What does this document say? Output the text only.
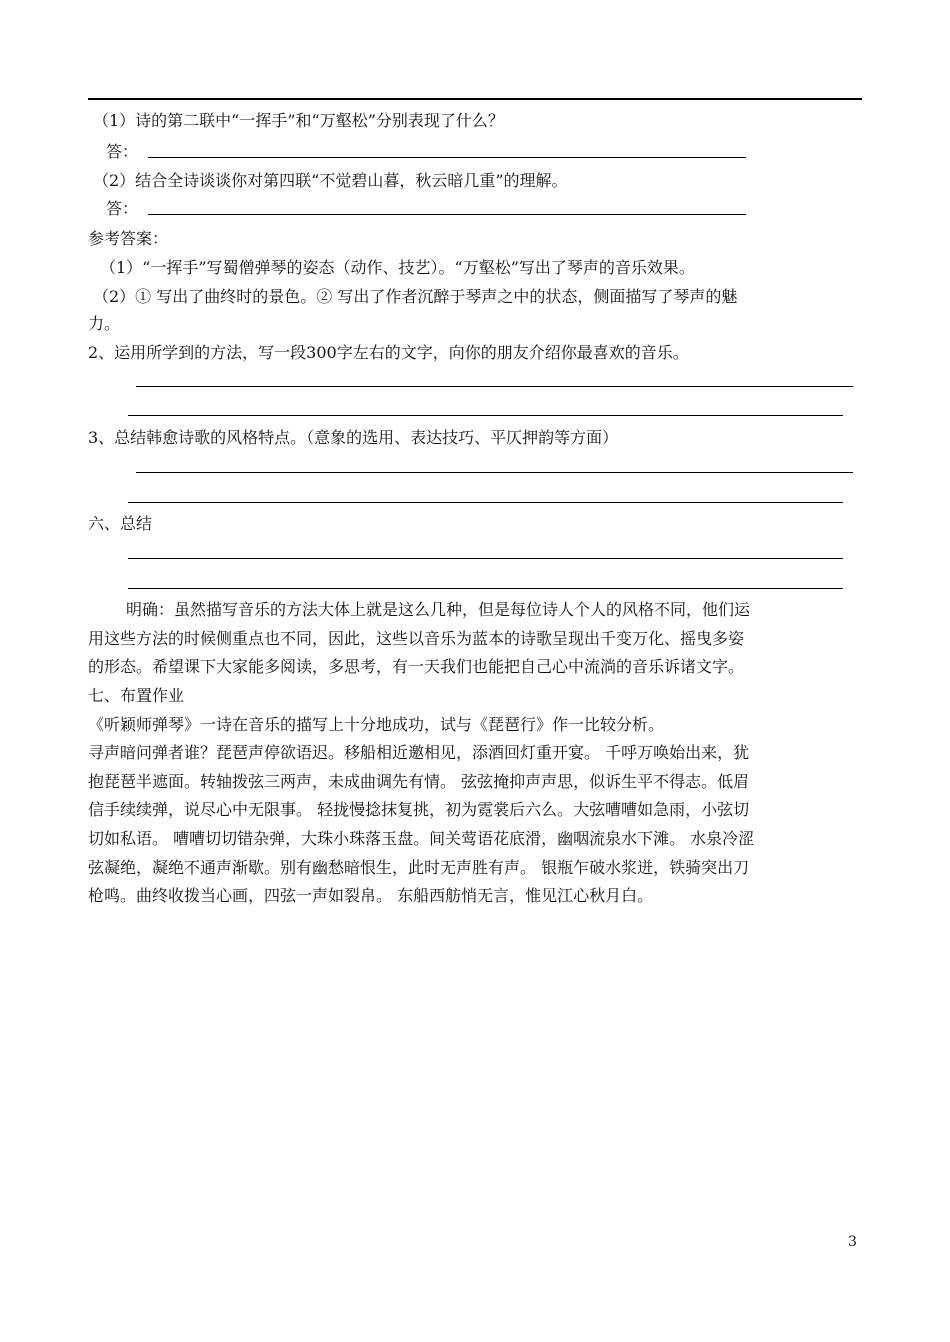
（1）诗的第二联中“一挥手”和“万壑松”分别表现了什么？
答：
（2）结合全诗谈谈你对第四联“不觉碧山暮，秋云暗几重”的理解。
答：
参考答案：
（1）“一挥手”写蜀僧弹琴的姿态（动作、技艺）。“万壑松”写出了琴声的音乐效果。
（2）① 写出了曲终时的景色。② 写出了作者沉醉于琴声之中的状态，侧面描写了琴声的魅
力。
2、运用所学到的方法，写一段300字左右的文字，向你的朋友介绍你最喜欢的音乐。
3、总结韩愈诗歌的风格特点。（意象的选用、表达技巧、平仄押韵等方面）
六、总结
明确：虽然描写音乐的方法大体上就是这么几种，但是每位诗人个人的风格不同，他们运
用这些方法的时候侧重点也不同，因此，这些以音乐为蓝本的诗歌呈现出千变万化、摇曳多姿
的形态。希望课下大家能多阅读，多思考，有一天我们也能把自己心中流淌的音乐诉诸文字。
七、布置作业
《听颖师弹琴》一诗在音乐的描写上十分地成功，试与《琵琶行》作一比较分析。
寻声暗问弹者谁？琵琶声停欲语迟。移船相近邀相见，添酒回灯重开宴。 千呼万唤始出来，犹
抱琵琶半遮面。转轴拨弦三两声，未成曲调先有情。 弦弦掩抑声声思，似诉生平不得志。低眉
信手续续弹，说尽心中无限事。 轻拢慢捻抹复挑，初为霓裳后六么。大弦嘈嘈如急雨，小弦切
切如私语。 嘈嘈切切错杂弹，大珠小珠落玉盘。间关莺语花底滑，幽咽流泉水下滩。 水泉冷涩
弦凝绝，凝绝不通声渐歇。别有幽愁暗恨生，此时无声胜有声。 银瓶乍破水浆迸，铁骑突出刀
枪鸣。曲终收拨当心画，四弦一声如裂帛。 东船西舫悄无言，惟见江心秋月白。
3
